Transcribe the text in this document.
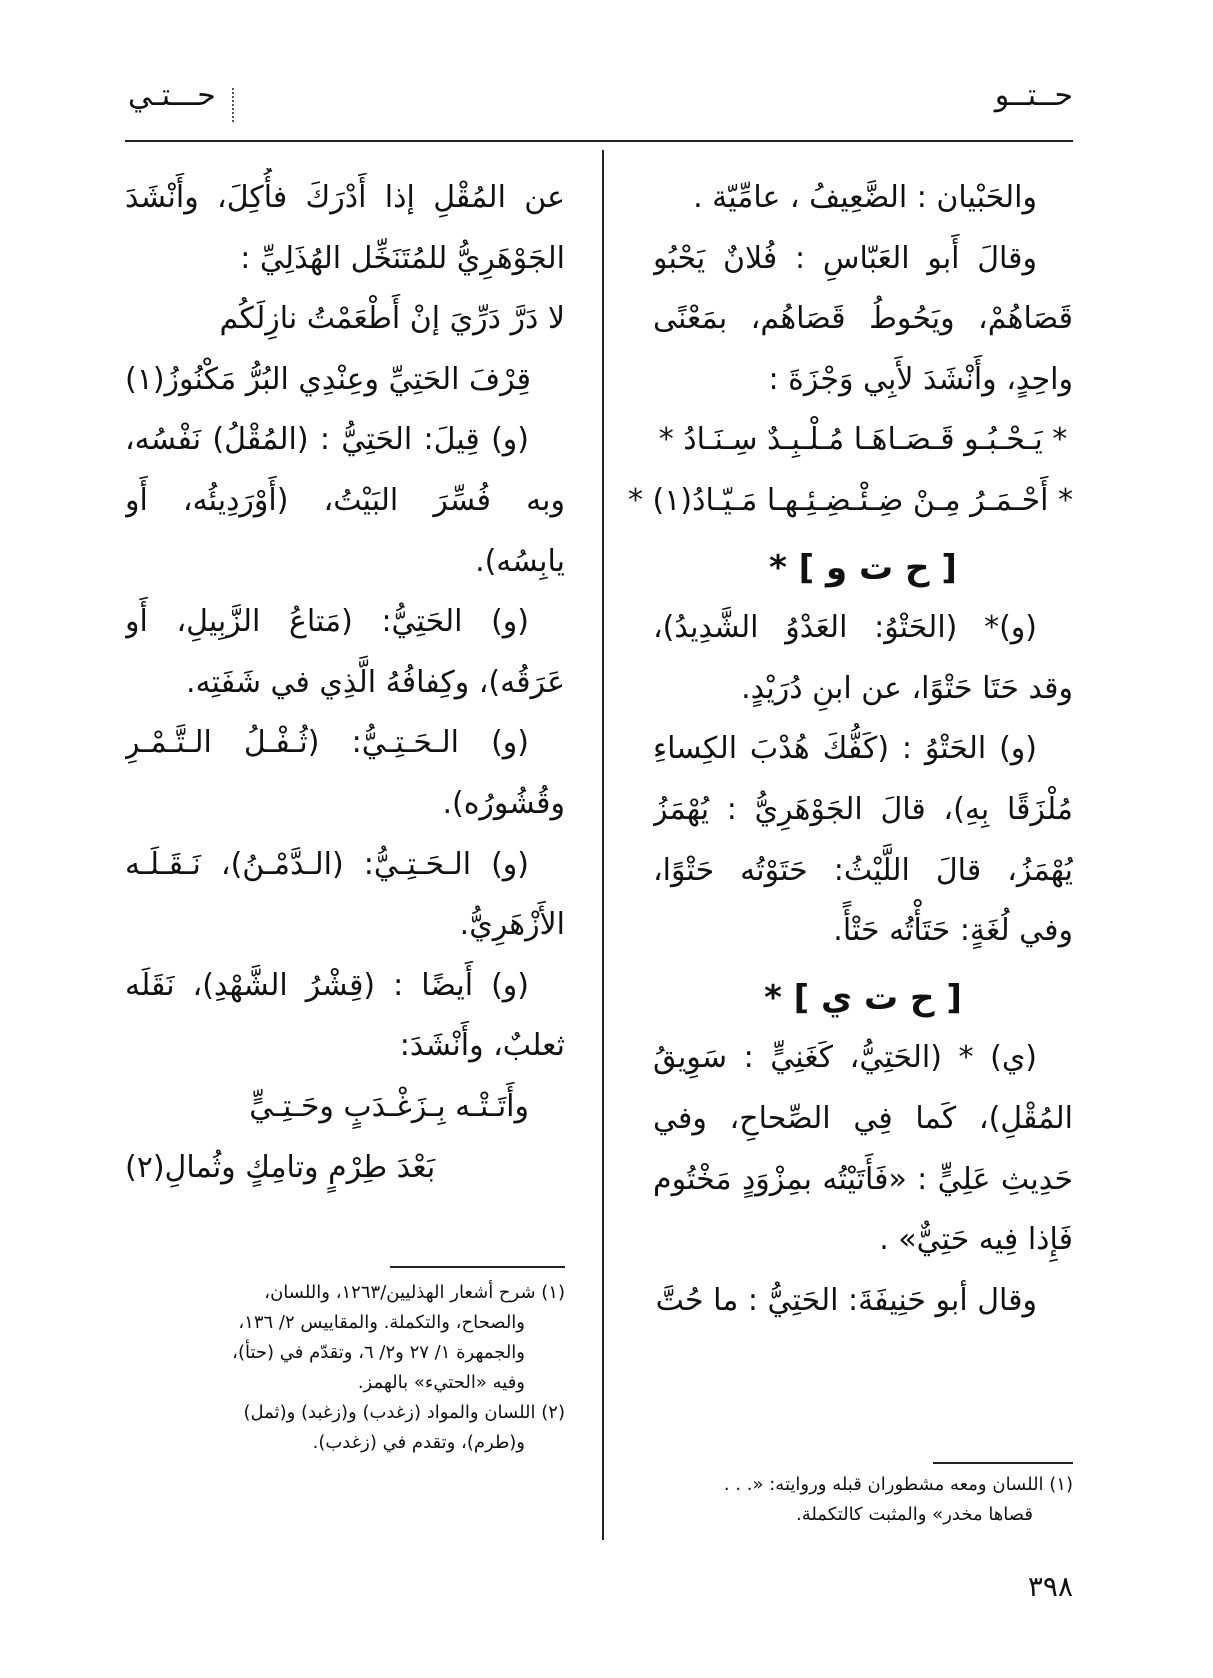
حــتــو
حـــتـي
والحَبْيان : الضَّعِيفُ ، عامِّيّة .
وقالَ أَبو العَبّاسِ : فُلانٌ يَحْبُو
قَصَاهُمْ، ويَحُوطُ قَصَاهُم، بمَعْنًى
واحِدٍ، وأَنْشَدَ لأَبِي وَجْزَةَ :
* يَـحْـبُـو قَـصَـاهَـا مُـلْـبِـدٌ سِـنَـادُ *
* أَحْـمَـرُ مِـنْ ضِـئْـضِـئِـهـا مَـيّـادُ(١) *
[ ح ت و ] *
(و)* (الحَتْوُ: العَدْوُ الشَّدِيدُ)،
وقد حَتَا حَتْوًا، عن ابنِ دُرَيْدٍ.
(و) الحَتْوُ : (كَفُّكَ هُدْبَ الكِساءِ
مُلْزَقًا بِهِ)، قالَ الجَوْهَرِيُّ : يُهْمَزُ
يُهْمَزُ، قالَ اللَّيْثُ: حَتَوْتُه حَتْوًا،
وفي لُغَةٍ: حَتَأْتُه حَتْأً.
[ ح ت ي ] *
(ي) * (الحَتِيُّ، كَغَنِيٍّ : سَوِيقُ
المُقْلِ)، كَما فِي الصِّحاحِ، وفي
حَدِيثِ عَلِيٍّ : «فَأَتَيْتُه بمِزْوَدٍ مَخْتُوم
فَإِذا فِيه حَتِيٌّ» .
وقال أبو حَنِيفَةَ: الحَتِيُّ : ما حُتَّ
عن المُقْلِ إذا أَدْرَكَ فأُكِلَ، وأَنْشَدَ
الجَوْهَرِيُّ للمُتَنَخِّل الهُذَلِيِّ :
لا دَرَّ دَرِّيَ إنْ أَطْعَمْتُ نازِلَكُم
قِرْفَ الحَتِيِّ وعِنْدِي البُرُّ مَكْنُوزُ(١)
(و) قِيلَ: الحَتِيُّ : (المُقْلُ) نَفْسُه،
وبه فُسِّرَ البَيْتُ، (أَوْرَدِيئُه، أَو
يابِسُه).
(و) الحَتِيُّ: (مَتاعُ الزَّبِيلِ، أَو
عَرَقُه)، وكِفافُهُ الَّذِي في شَفَتِه.
(و) الـحَـتِـيُّ: (ثُـفْـلُ الـتَّـمْـرِ
وقُشُورُه).
(و) الـحَـتِـيُّ: (الـدَّمْـنُ)، نَـقَـلَـه
الأَزْهَرِيُّ.
(و) أَيضًا : (قِشْرُ الشَّهْدِ)، نَقَلَه
ثعلبٌ، وأَنْشَدَ:
وأَتَـتْـه بِـزَغْـدَبٍ وحَـتِـيٍّ
بَعْدَ طِرْمٍ وتامِكٍ وثُمالِ(٢)
(١) شرح أشعار الهذليين/١٢٦٣، واللسان،
والصحاح، والتكملة. والمقاييس ٢/ ١٣٦،
والجمهرة ١/ ٢٧ و٢/ ٦، وتقدّم في (حتأ)،
وفيه «الحتيء» بالهمز.
(٢) اللسان والمواد (زغدب) و(زغبد) و(ثمل)
و(طرم)، وتقدم في (زغدب).
(١) اللسان ومعه مشطوران قبله وروايته: «. . .
قصاها مخدر» والمثبت كالتكملة.
٣٩٨
